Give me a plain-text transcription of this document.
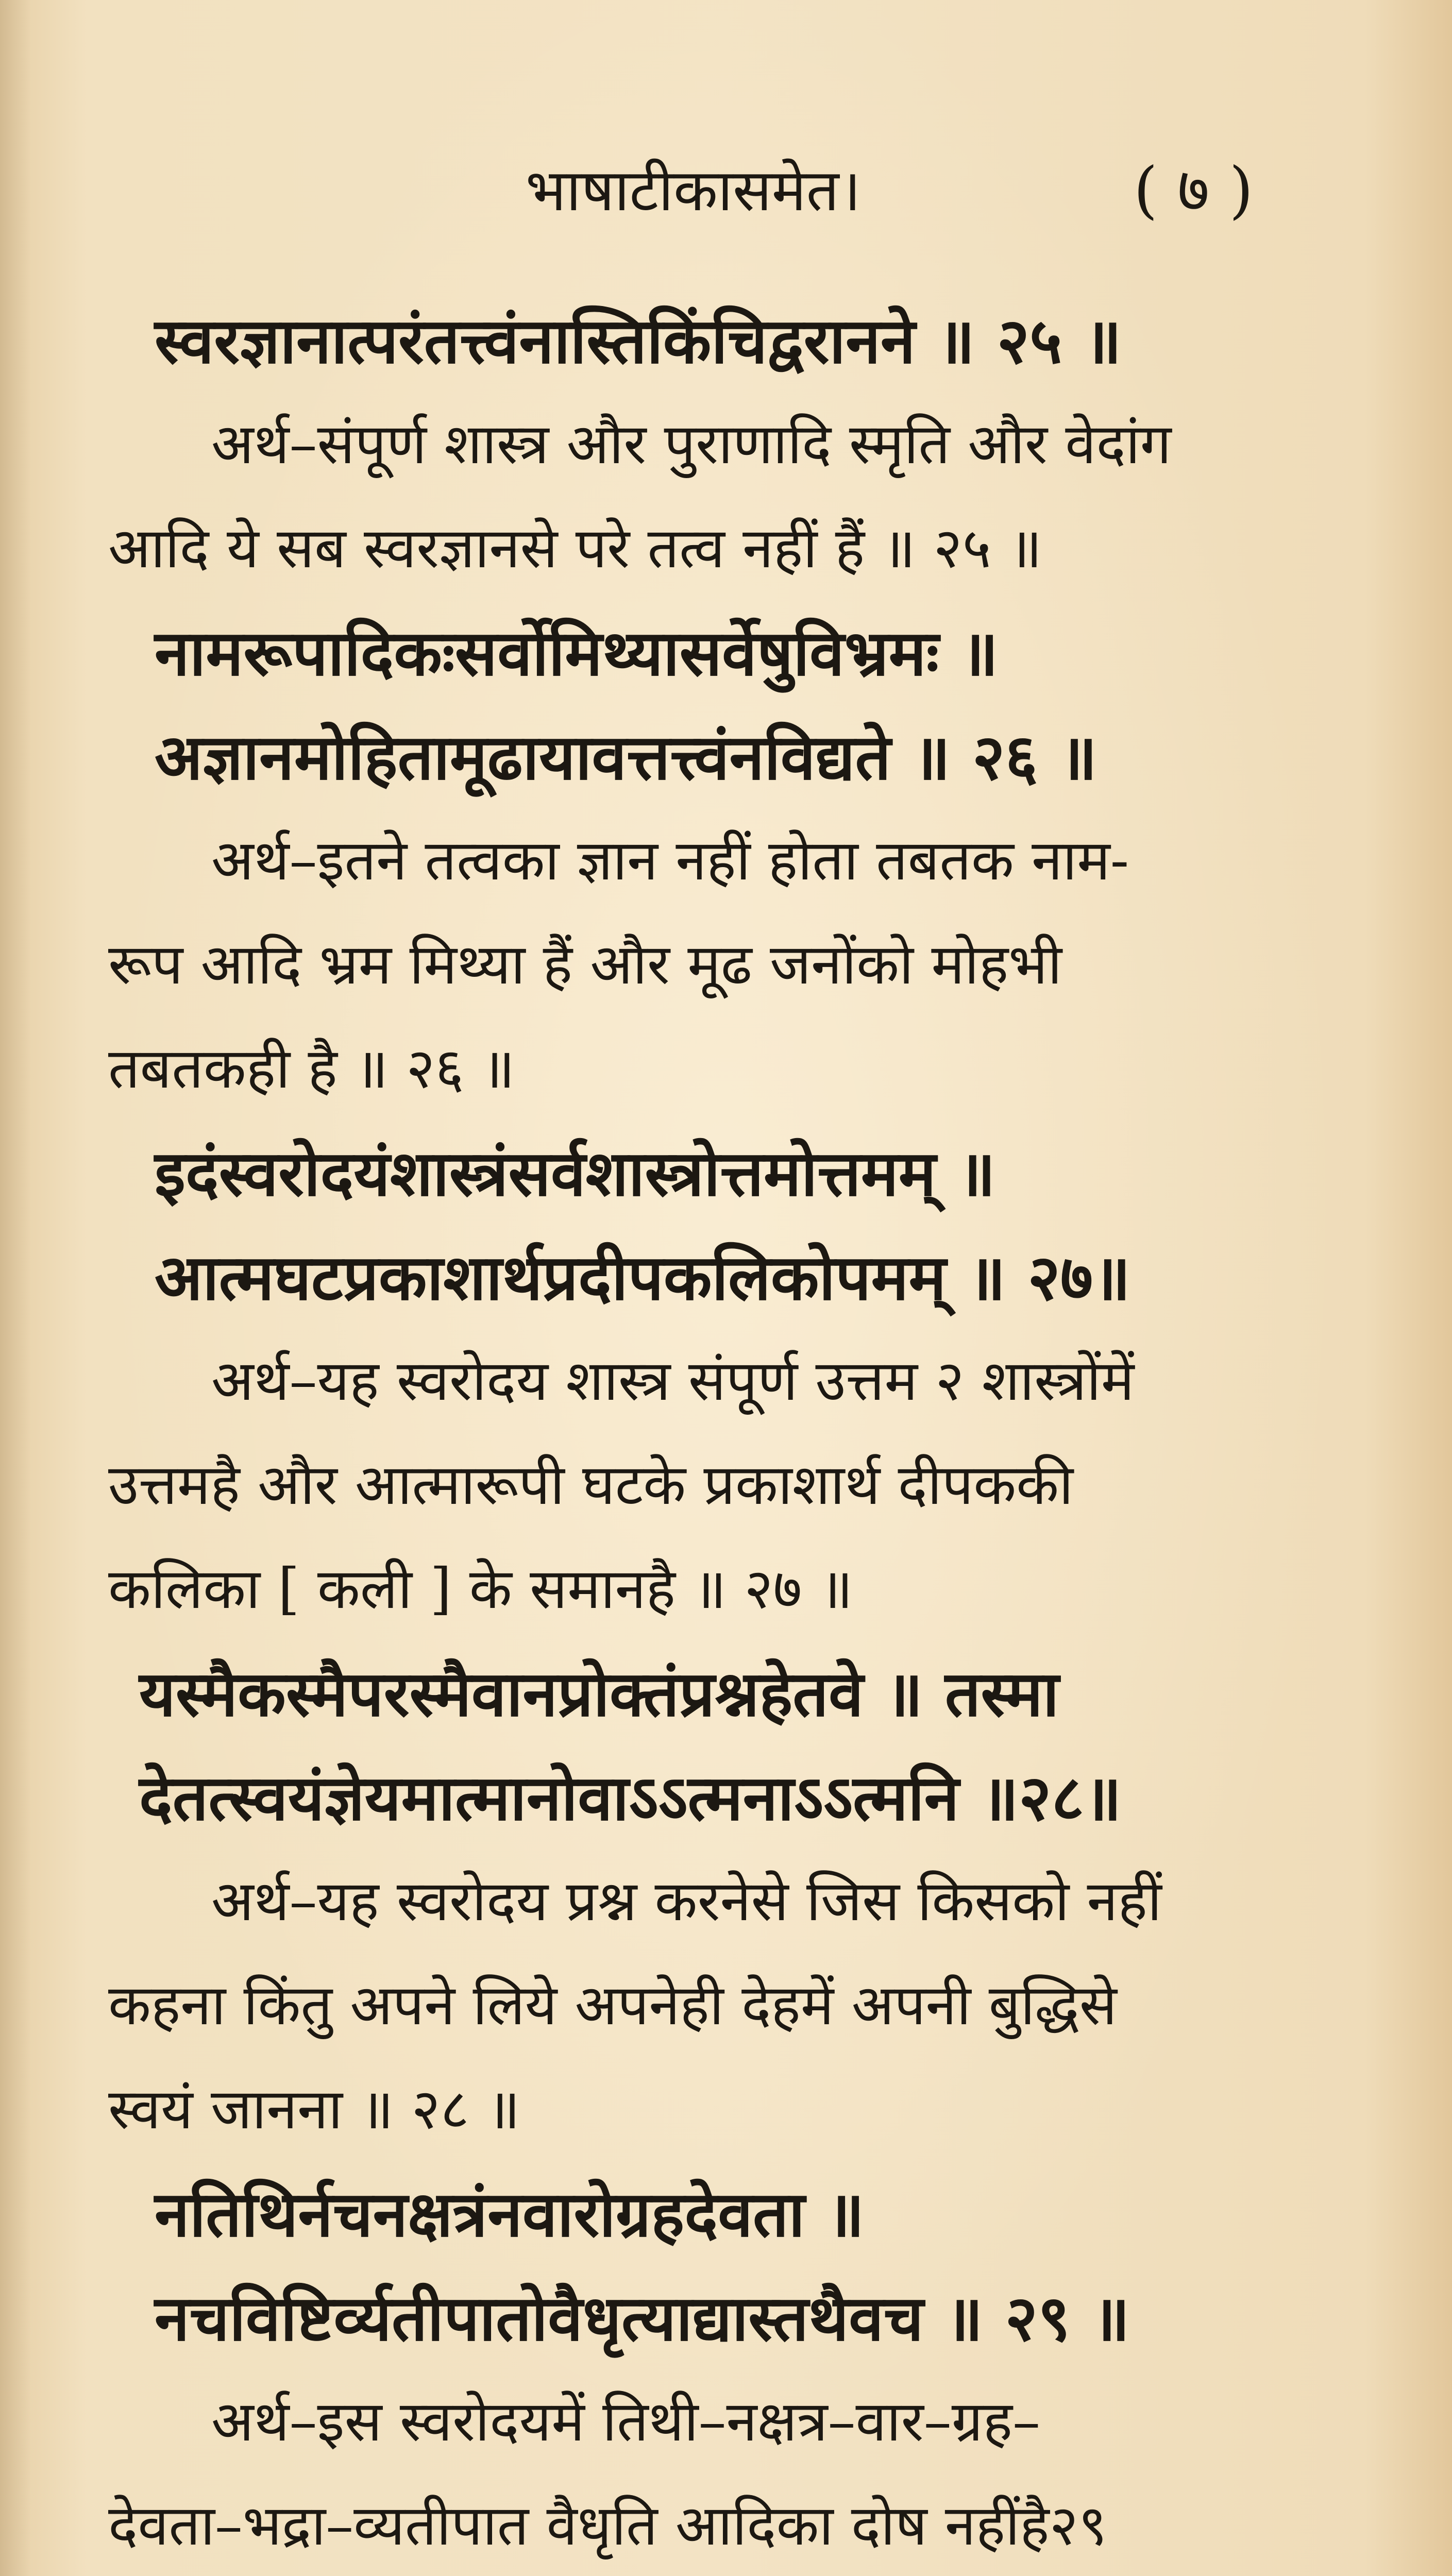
भाषाटीकासमेत।	( ७ )
स्वरज्ञानात्परंतत्त्वंनास्तिकिंचिद्वरानने ॥ २५ ॥
अर्थ–संपूर्ण शास्त्र और पुराणादि स्मृति और वेदांग
आदि ये सब स्वरज्ञानसे परे तत्व नहीं हैं ॥ २५ ॥
नामरूपादिकःसर्वोमिथ्यासर्वेषुविभ्रमः ॥
अज्ञानमोहितामूढायावत्तत्त्वंनविद्यते ॥ २६ ॥
अर्थ–इतने तत्वका ज्ञान नहीं होता तबतक नाम-
रूप आदि भ्रम मिथ्या हैं और मूढ जनोंको मोहभी
तबतकही है ॥ २६ ॥
इदंस्वरोदयंशास्त्रंसर्वशास्त्रोत्तमोत्तमम् ॥
आत्मघटप्रकाशार्थप्रदीपकलिकोपमम् ॥ २७॥
अर्थ–यह स्वरोदय शास्त्र संपूर्ण उत्तम २ शास्त्रोंमें
उत्तमहै और आत्मारूपी घटके प्रकाशार्थ दीपककी
कलिका [ कली ] के समानहै ॥ २७ ॥
यस्मैकस्मैपरस्मैवानप्रोक्तंप्रश्नहेतवे ॥ तस्मा
देतत्स्वयंज्ञेयमात्मानोवाऽऽत्मनाऽऽत्मनि ॥२८॥
अर्थ–यह स्वरोदय प्रश्न करनेसे जिस किसको नहीं
कहना किंतु अपने लिये अपनेही देहमें अपनी बुद्धिसे
स्वयं जानना ॥ २८ ॥
नतिथिर्नचनक्षत्रंनवारोग्रहदेवता ॥
नचविष्टिर्व्यतीपातोवैधृत्याद्यास्तथैवच ॥ २९ ॥
अर्थ–इस स्वरोदयमें तिथी–नक्षत्र–वार–ग्रह–
देवता–भद्रा–व्यतीपात वैधृति आदिका दोष नहींहै२९
